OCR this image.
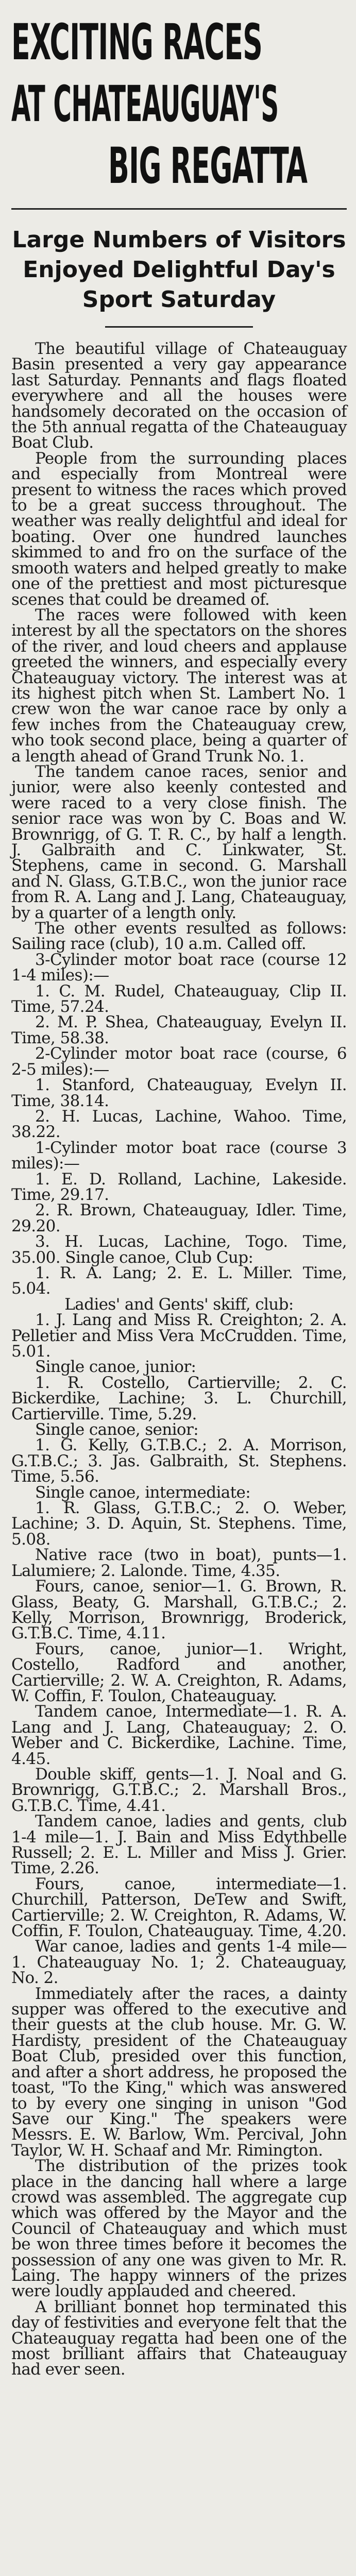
EXCITING RACES
AT CHATEAUGUAY'S
BIG REGATTA
Large Numbers of Visitors
Enjoyed Delightful Day's
Sport Saturday

The beautiful village of Chateauguay Basin presented a very gay appearance last Saturday. Pennants and flags floated everywhere and all the houses were handsomely decorated on the occasion of the 5th annual regatta of the Chateauguay Boat Club.

People from the surrounding places and especially from Montreal were present to witness the races which proved to be a great success throughout. The weather was really delightful and ideal for boating. Over one hundred launches skimmed to and fro on the surface of the smooth waters and helped greatly to make one of the prettiest and most picturesque scenes that could be dreamed of.

The races were followed with keen interest by all the spectators on the shores of the river, and loud cheers and applause greeted the winners, and especially every Chateauguay victory. The interest was at its highest pitch when St. Lambert No. 1 crew won the war canoe race by only a few inches from the Chateauguay crew, who took second place, being a quarter of a length ahead of Grand Trunk No. 1.

The tandem canoe races, senior and junior, were also keenly contested and were raced to a very close finish. The senior race was won by C. Boas and W. Brownrigg, of G. T. R. C., by half a length. J. Galbraith and C. Linkwater, St. Stephens, came in second. G. Marshall and N. Glass, G.T.B.C., won the junior race from R. A. Lang and J. Lang, Chateauguay, by a quarter of a length only.

The other events resulted as follows: Sailing race (club), 10 a.m. Called off.

3-Cylinder motor boat race (course 12 1-4 miles):—

1. C. M. Rudel, Chateauguay, Clip II. Time, 57.24.

2. M. P. Shea, Chateauguay, Evelyn II. Time, 58.38.

2-Cylinder motor boat race (course, 6 2-5 miles):—

1. Stanford, Chateauguay, Evelyn II. Time, 38.14.

2. H. Lucas, Lachine, Wahoo. Time, 38.22.

1-Cylinder motor boat race (course 3 miles):—

1. E. D. Rolland, Lachine, Lakeside. Time, 29.17.

2. R. Brown, Chateauguay, Idler. Time, 29.20.

3. H. Lucas, Lachine, Togo. Time, 35.00. Single canoe, Club Cup:

1. R. A. Lang; 2. E. L. Miller. Time, 5.04.

Ladies' and Gents' skiff, club:

1. J. Lang and Miss R. Creighton; 2. A. Pelletier and Miss Vera McCrudden. Time, 5.01.

Single canoe, junior:

1. R. Costello, Cartierville; 2. C. Bickerdike, Lachine; 3. L. Churchill, Cartierville. Time, 5.29.

Single canoe, senior:

1. G. Kelly, G.T.B.C.; 2. A. Morrison, G.T.B.C.; 3. Jas. Galbraith, St. Stephens. Time, 5.56.

Single canoe, intermediate:

1. R. Glass, G.T.B.C.; 2. O. Weber, Lachine; 3. D. Aquin, St. Stephens. Time, 5.08.

Native race (two in boat), punts—1. Lalumiere; 2. Lalonde. Time, 4.35.

Fours, canoe, senior—1. G. Brown, R. Glass, Beaty, G. Marshall, G.T.B.C.; 2. Kelly, Morrison, Brownrigg, Broderick, G.T.B.C. Time, 4.11.

Fours, canoe, junior—1. Wright, Costello, Radford and another, Cartierville; 2. W. A. Creighton, R. Adams, W. Coffin, F. Toulon, Chateauguay.

Tandem canoe, Intermediate—1. R. A. Lang and J. Lang, Chateauguay; 2. O. Weber and C. Bickerdike, Lachine. Time, 4.45.

Double skiff, gents—1. J. Noal and G. Brownrigg, G.T.B.C.; 2. Marshall Bros., G.T.B.C. Time, 4.41.

Tandem canoe, ladies and gents, club 1-4 mile—1. J. Bain and Miss Edythbelle Russell; 2. E. L. Miller and Miss J. Grier. Time, 2.26.

Fours, canoe, intermediate—1. Churchill, Patterson, DeTew and Swift, Cartierville; 2. W. Creighton, R. Adams, W. Coffin, F. Toulon, Chateauguay. Time, 4.20.

War canoe, ladies and gents 1-4 mile—1. Chateauguay No. 1; 2. Chateauguay, No. 2.

Immediately after the races, a dainty supper was offered to the executive and their guests at the club house. Mr. G. W. Hardisty, president of the Chateauguay Boat Club, presided over this function, and after a short address, he proposed the toast, "To the King," which was answered to by every one singing in unison "God Save our King." The speakers were Messrs. E. W. Barlow, Wm. Percival, John Taylor, W. H. Schaaf and Mr. Rimington.

The distribution of the prizes took place in the dancing hall where a large crowd was assembled. The aggregate cup which was offered by the Mayor and the Council of Chateauguay and which must be won three times before it becomes the possession of any one was given to Mr. R. Laing. The happy winners of the prizes were loudly applauded and cheered.

A brilliant bonnet hop terminated this day of festivities and everyone felt that the Chateauguay regatta had been one of the most brilliant affairs that Chateauguay had ever seen.
